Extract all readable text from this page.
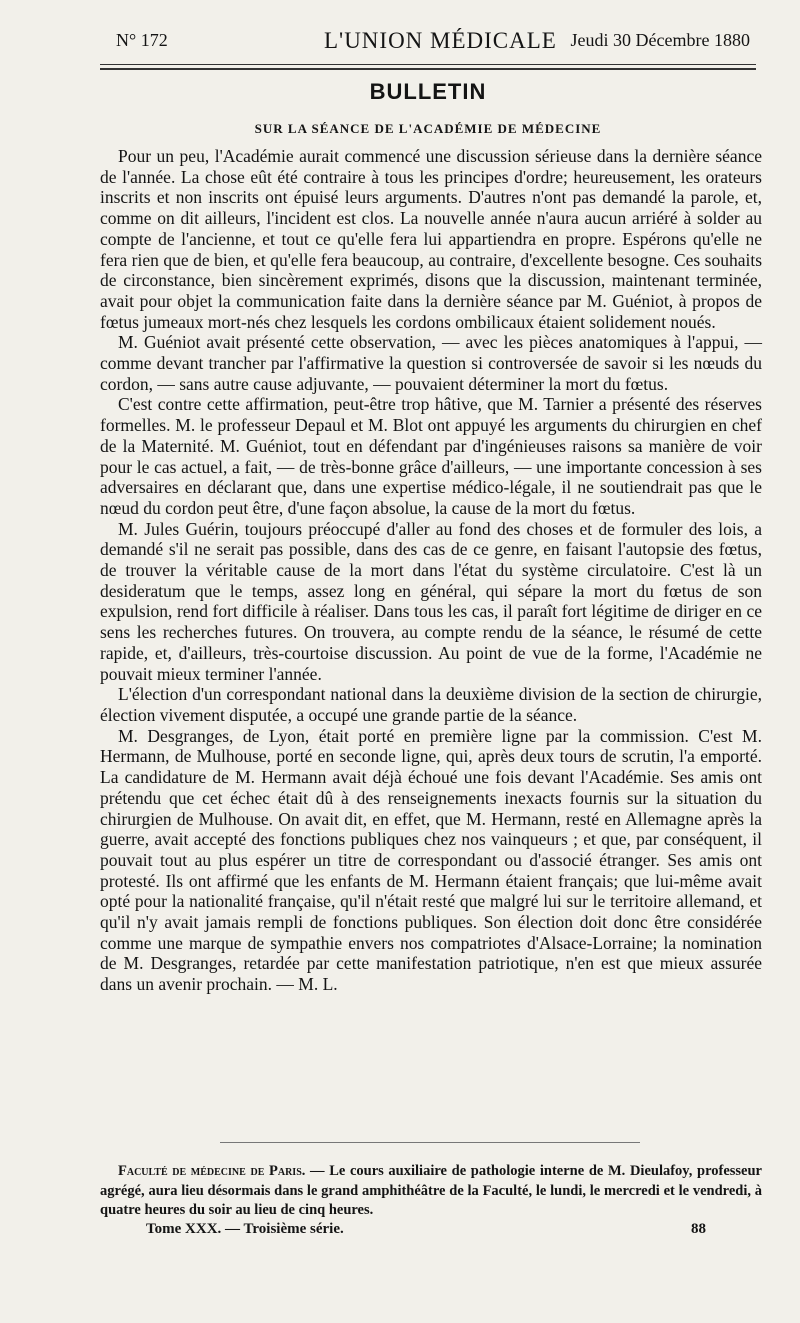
N° 172	L'UNION MÉDICALE Jeudi 30 Décembre 1880
BULLETIN
SUR LA SÉANCE DE L'ACADÉMIE DE MÉDECINE

Pour un peu, l'Académie aurait commencé une discussion sérieuse dans la dernière séance de l'année. La chose eût été contraire à tous les principes d'ordre; heureusement, les orateurs inscrits et non inscrits ont épuisé leurs arguments. D'autres n'ont pas demandé la parole, et, comme on dit ailleurs, l'incident est clos. La nouvelle année n'aura aucun arriéré à solder au compte de l'ancienne, et tout ce qu'elle fera lui appartiendra en propre. Espérons qu'elle ne fera rien que de bien, et qu'elle fera beaucoup, au contraire, d'excellente besogne. Ces souhaits de circonstance, bien sincèrement exprimés, disons que la discussion, maintenant terminée, avait pour objet la communication faite dans la dernière séance par M. Guéniot, à propos de fœtus jumeaux mort-nés chez lesquels les cordons ombilicaux étaient solidement noués.

M. Guéniot avait présenté cette observation, — avec les pièces anatomiques à l'appui, — comme devant trancher par l'affirmative la question si controversée de savoir si les nœuds du cordon, — sans autre cause adjuvante, — pouvaient déterminer la mort du fœtus.

C'est contre cette affirmation, peut-être trop hâtive, que M. Tarnier a présenté des réserves formelles. M. le professeur Depaul et M. Blot ont appuyé les arguments du chirurgien en chef de la Maternité. M. Guéniot, tout en défendant par d'ingénieuses raisons sa manière de voir pour le cas actuel, a fait, — de très-bonne grâce d'ailleurs, — une importante concession à ses adversaires en déclarant que, dans une expertise médico-légale, il ne soutiendrait pas que le nœud du cordon peut être, d'une façon absolue, la cause de la mort du fœtus.

M. Jules Guérin, toujours préoccupé d'aller au fond des choses et de formuler des lois, a demandé s'il ne serait pas possible, dans des cas de ce genre, en faisant l'autopsie des fœtus, de trouver la véritable cause de la mort dans l'état du système circulatoire. C'est là un desideratum que le temps, assez long en général, qui sépare la mort du fœtus de son expulsion, rend fort difficile à réaliser. Dans tous les cas, il paraît fort légitime de diriger en ce sens les recherches futures. On trouvera, au compte rendu de la séance, le résumé de cette rapide, et, d'ailleurs, très-courtoise discussion. Au point de vue de la forme, l'Académie ne pouvait mieux terminer l'année.

L'élection d'un correspondant national dans la deuxième division de la section de chirurgie, élection vivement disputée, a occupé une grande partie de la séance.

M. Desgranges, de Lyon, était porté en première ligne par la commission. C'est M. Hermann, de Mulhouse, porté en seconde ligne, qui, après deux tours de scrutin, l'a emporté. La candidature de M. Hermann avait déjà échoué une fois devant l'Académie. Ses amis ont prétendu que cet échec était dû à des renseignements inexacts fournis sur la situation du chirurgien de Mulhouse. On avait dit, en effet, que M. Hermann, resté en Allemagne après la guerre, avait accepté des fonctions publiques chez nos vainqueurs ; et que, par conséquent, il pouvait tout au plus espérer un titre de correspondant ou d'associé étranger. Ses amis ont protesté. Ils ont affirmé que les enfants de M. Hermann étaient français; que lui-même avait opté pour la nationalité française, qu'il n'était resté que malgré lui sur le territoire allemand, et qu'il n'y avait jamais rempli de fonctions publiques. Son élection doit donc être considérée comme une marque de sympathie envers nos compatriotes d'Alsace-Lorraine; la nomination de M. Desgranges, retardée par cette manifestation patriotique, n'en est que mieux assurée dans un avenir prochain. — M. L.

Faculté de médecine de Paris. — Le cours auxiliaire de pathologie interne de M. Dieulafoy, professeur agrégé, aura lieu désormais dans le grand amphithéâtre de la Faculté, le lundi, le mercredi et le vendredi, à quatre heures du soir au lieu de cinq heures.

Tome XXX. — Troisième série.	88
